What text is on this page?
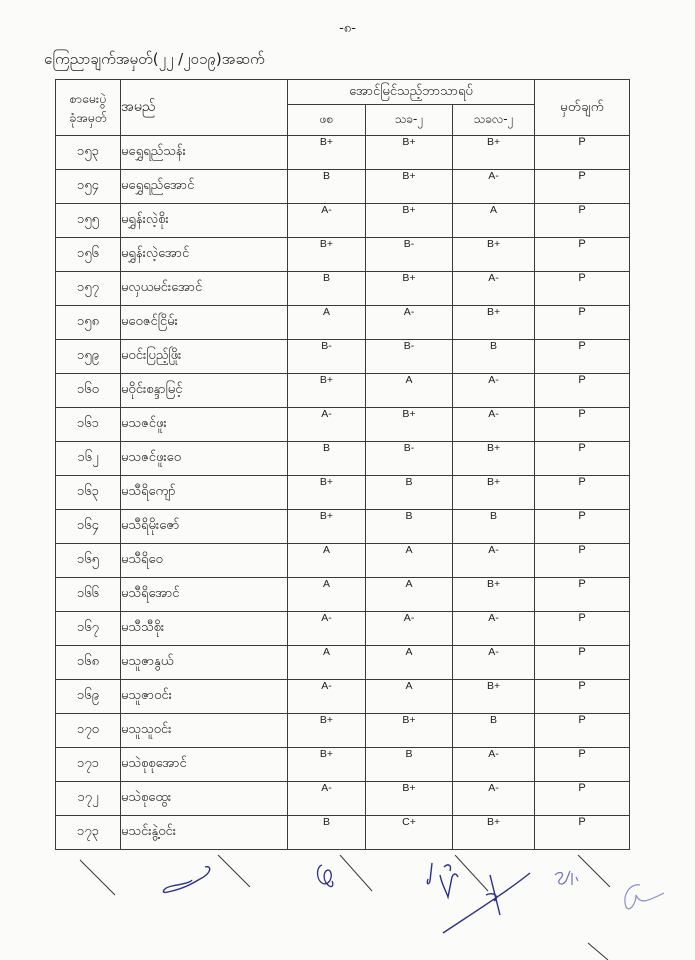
-၈-
ကြေညာချက်အမှတ်(၂၂ /၂၀၁၉)အဆက်
စာမေးပွဲ
ခုံအမှတ်	အမည်	အောင်မြင်သည့်ဘာသာရပ်			မှတ်ချက်
		ဖစ	သခ-၂	သခလ-၂	
၁၅၃	မရွှေရည်သန်း	B+	B+	B+	P
၁၅၄	မရွှေရည်အောင်	B	B+	A-	P
၁၅၅	မရွှန်းလဲ့စိုး	A-	B+	A	P
၁၅၆	မရွှန်းလဲ့အောင်	B+	B-	B+	P
၁၅၇	မလှယမင်းအောင်	B	B+	A-	P
၁၅၈	မဝေဇင်ငြိမ်း	A	A-	B+	P
၁၅၉	မဝင်းပြည့်ဖြိုး	B-	B-	B	P
၁၆၀	မဝိုင်းစန္ဒာမြင့်	B+	A	A-	P
၁၆၁	မသဇင်ဖူး	A-	B+	A-	P
၁၆၂	မသဇင်ဖူးဝေ	B	B-	B+	P
၁၆၃	မသီရိကျော်	B+	B	B+	P
၁၆၄	မသီရိမိုးဇော်	B+	B	B	P
၁၆၅	မသီရိဝေ	A	A	A-	P
၁၆၆	မသီရိအောင်	A	A	B+	P
၁၆၇	မသီသီစိုး	A-	A-	A-	P
၁၆၈	မသူဇာနွယ်	A	A	A-	P
၁၆၉	မသူဇာဝင်း	A-	A	B+	P
၁၇၀	မသူသူဝင်း	B+	B+	B	P
၁၇၁	မသဲစုစုအောင်	B+	B	A-	P
၁၇၂	မသဲစုထွေး	A-	B+	A-	P
၁၇၃	မသင်းနွဲ့ဝင်း	B	C+	B+	P
